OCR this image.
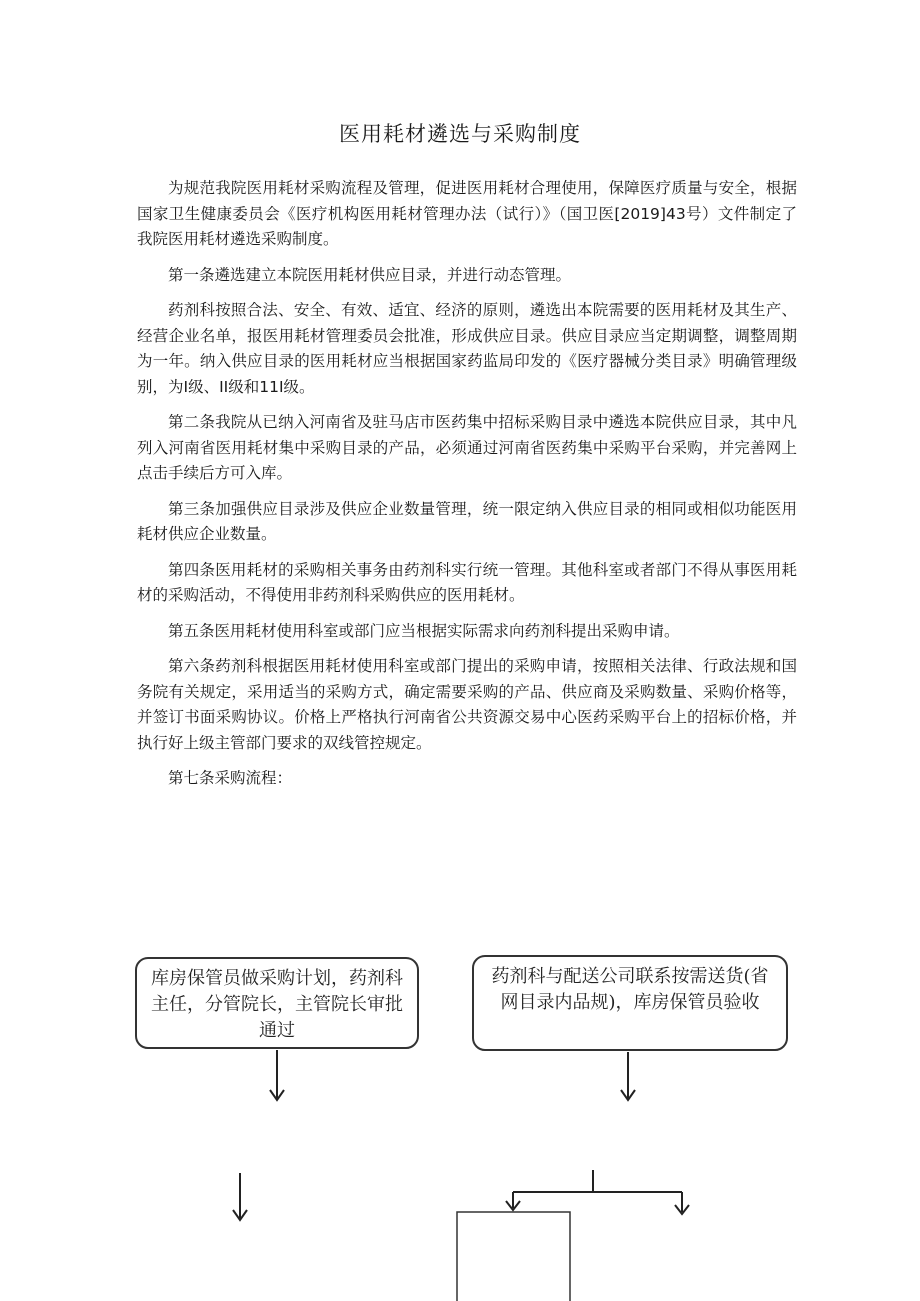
医用耗材遴选与采购制度

为规范我院医用耗材采购流程及管理，促进医用耗材合理使用，保障医疗质量与安全，根据国家卫生健康委员会《医疗机构医用耗材管理办法（试行）》（国卫医[2019]43号）文件制定了我院医用耗材遴选采购制度。

第一条遴选建立本院医用耗材供应目录，并进行动态管理。

药剂科按照合法、安全、有效、适宜、经济的原则，遴选出本院需要的医用耗材及其生产、经营企业名单，报医用耗材管理委员会批准，形成供应目录。供应目录应当定期调整，调整周期为一年。纳入供应目录的医用耗材应当根据国家药监局印发的《医疗器械分类目录》明确管理级别，为I级、II级和11I级。

第二条我院从已纳入河南省及驻马店市医药集中招标采购目录中遴选本院供应目录，其中凡列入河南省医用耗材集中采购目录的产品，必须通过河南省医药集中采购平台采购，并完善网上点击手续后方可入库。

第三条加强供应目录涉及供应企业数量管理，统一限定纳入供应目录的相同或相似功能医用耗材供应企业数量。

第四条医用耗材的采购相关事务由药剂科实行统一管理。其他科室或者部门不得从事医用耗材的采购活动，不得使用非药剂科采购供应的医用耗材。

第五条医用耗材使用科室或部门应当根据实际需求向药剂科提出采购申请。

第六条药剂科根据医用耗材使用科室或部门提出的采购申请，按照相关法律、行政法规和国务院有关规定，采用适当的采购方式，确定需要采购的产品、供应商及采购数量、采购价格等，并签订书面采购协议。价格上严格执行河南省公共资源交易中心医药采购平台上的招标价格，并执行好上级主管部门要求的双线管控规定。

第七条采购流程：

库房保管员做采购计划，药剂科主任，分管院长，主管院长审批通过
药剂科与配送公司联系按需送货(省网目录内品规)，库房保管员验收
